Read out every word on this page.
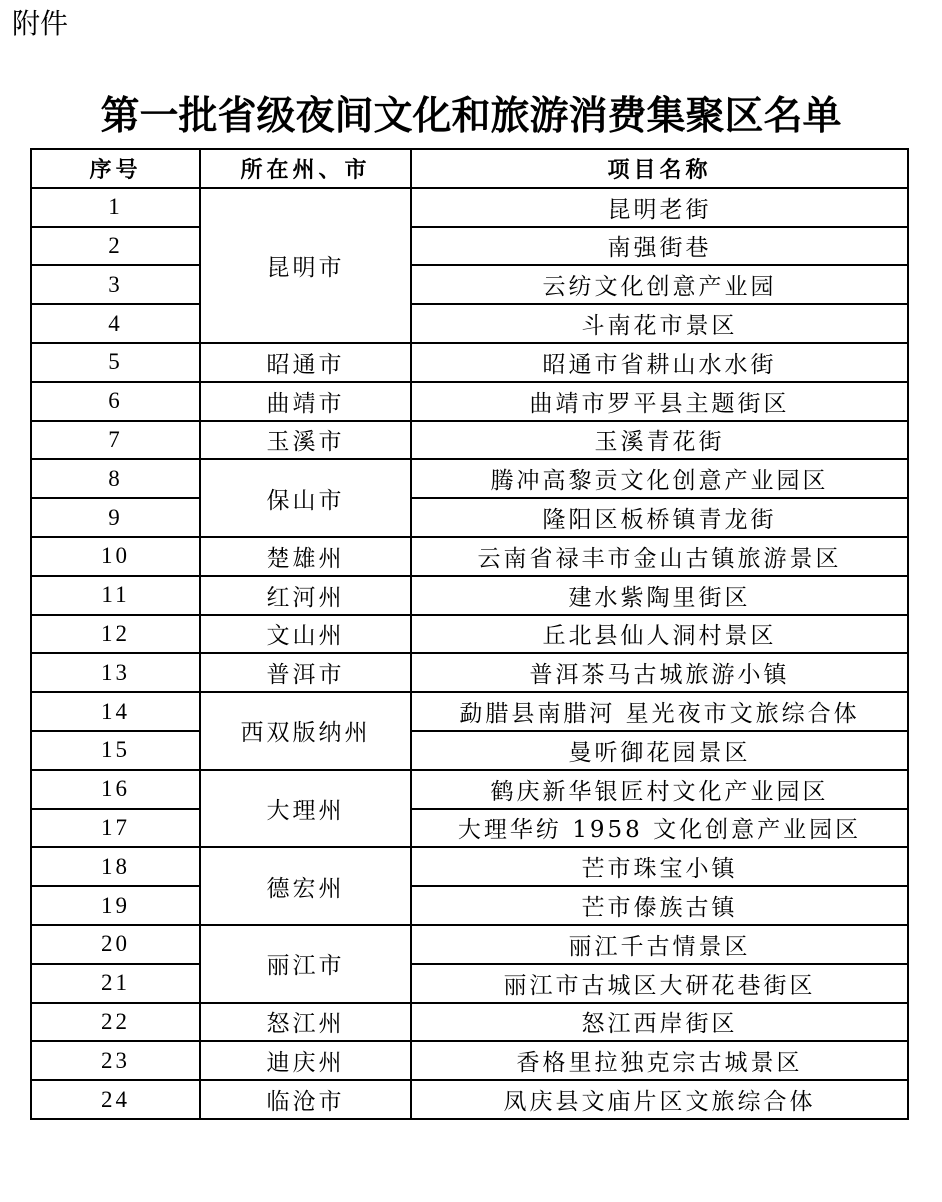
附件
第一批省级夜间文化和旅游消费集聚区名单
序号	所在州、市	项目名称
1	昆明市	昆明老街
2		南强街巷
3		云纺文化创意产业园
4		斗南花市景区
5	昭通市	昭通市省耕山水水街
6	曲靖市	曲靖市罗平县主题街区
7	玉溪市	玉溪青花街
8	保山市	腾冲高黎贡文化创意产业园区
9		隆阳区板桥镇青龙街
10	楚雄州	云南省禄丰市金山古镇旅游景区
11	红河州	建水紫陶里街区
12	文山州	丘北县仙人洞村景区
13	普洱市	普洱茶马古城旅游小镇
14	西双版纳州	勐腊县南腊河 星光夜市文旅综合体
15		曼听御花园景区
16	大理州	鹤庆新华银匠村文化产业园区
17		大理华纺 1958 文化创意产业园区
18	德宏州	芒市珠宝小镇
19		芒市傣族古镇
20	丽江市	丽江千古情景区
21		丽江市古城区大研花巷街区
22	怒江州	怒江西岸街区
23	迪庆州	香格里拉独克宗古城景区
24	临沧市	凤庆县文庙片区文旅综合体
